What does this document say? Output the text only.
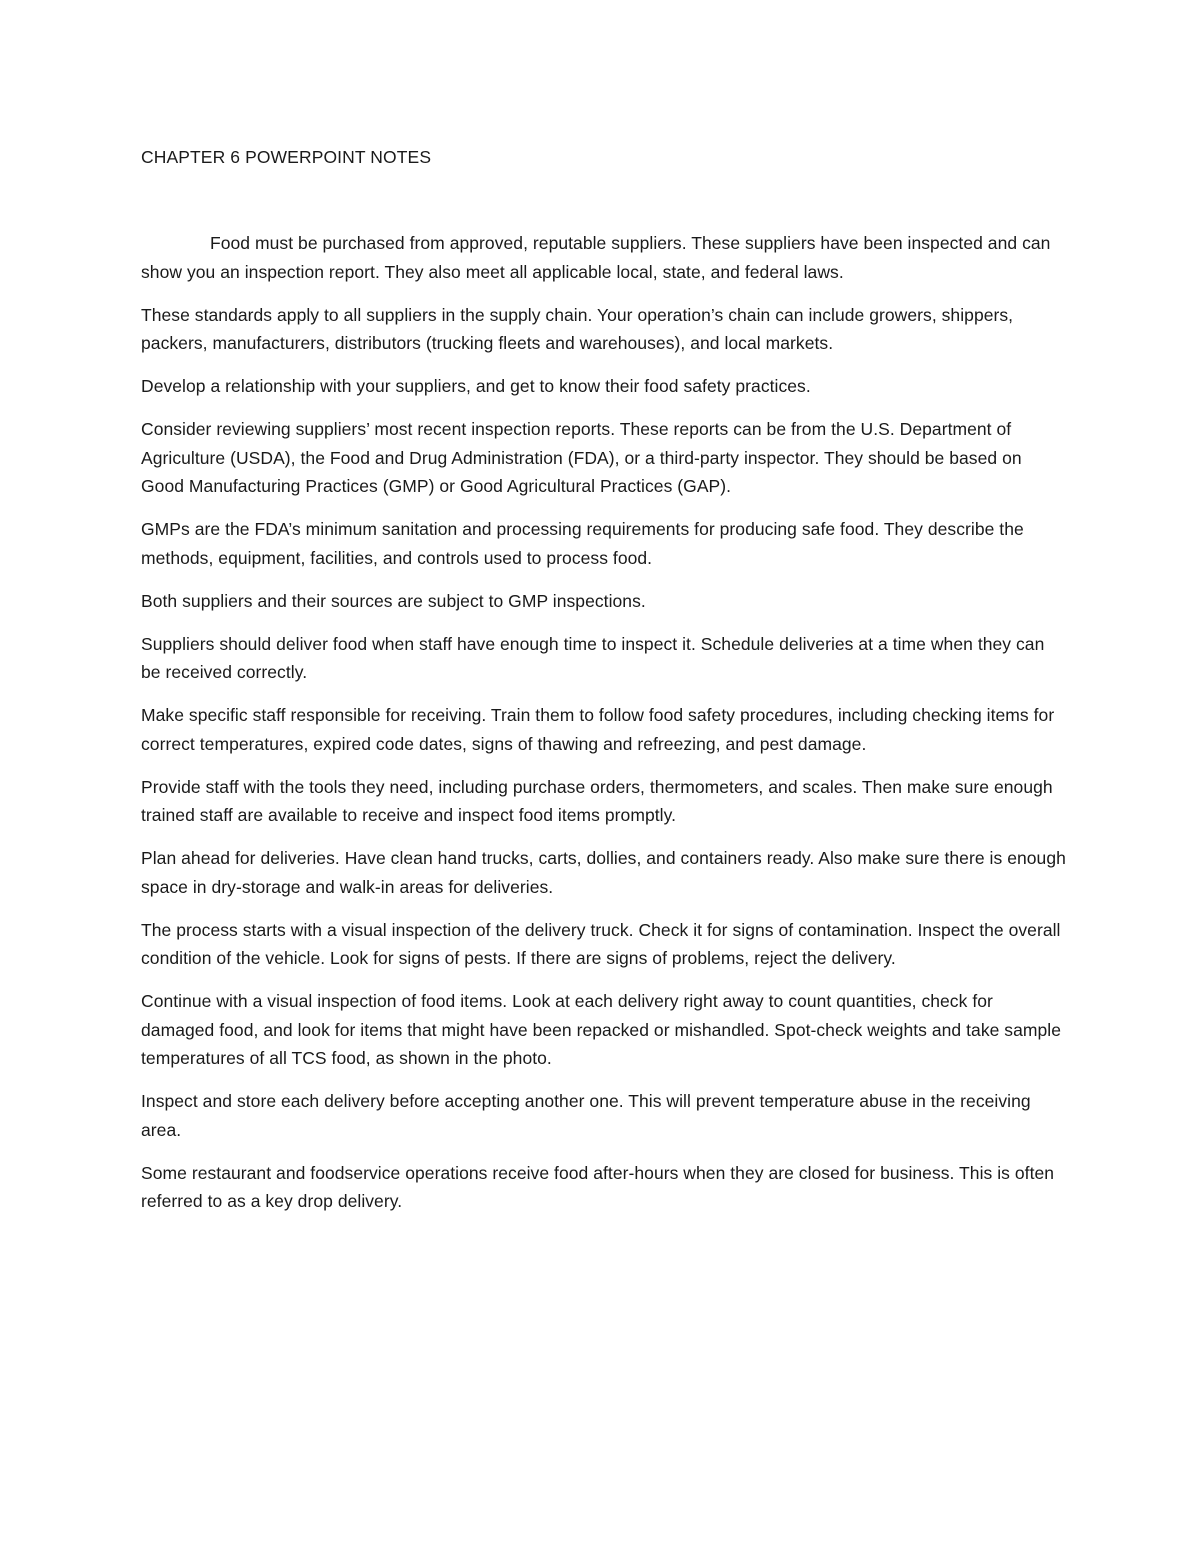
CHAPTER 6 POWERPOINT NOTES

Food must be purchased from approved, reputable suppliers. These suppliers have been inspected and can show you an inspection report. They also meet all applicable local, state, and federal laws.

These standards apply to all suppliers in the supply chain. Your operation’s chain can include growers, shippers, packers, manufacturers, distributors (trucking fleets and warehouses), and local markets.

Develop a relationship with your suppliers, and get to know their food safety practices.

Consider reviewing suppliers’ most recent inspection reports. These reports can be from the U.S. Department of Agriculture (USDA), the Food and Drug Administration (FDA), or a third-party inspector. They should be based on Good Manufacturing Practices (GMP) or Good Agricultural Practices (GAP).

GMPs are the FDA’s minimum sanitation and processing requirements for producing safe food. They describe the methods, equipment, facilities, and controls used to process food.

Both suppliers and their sources are subject to GMP inspections.

Suppliers should deliver food when staff have enough time to inspect it. Schedule deliveries at a time when they can be received correctly.

Make specific staff responsible for receiving. Train them to follow food safety procedures, including checking items for correct temperatures, expired code dates, signs of thawing and refreezing, and pest damage.

Provide staff with the tools they need, including purchase orders, thermometers, and scales. Then make sure enough trained staff are available to receive and inspect food items promptly.

Plan ahead for deliveries. Have clean hand trucks, carts, dollies, and containers ready. Also make sure there is enough space in dry-storage and walk-in areas for deliveries.

The process starts with a visual inspection of the delivery truck. Check it for signs of contamination. Inspect the overall condition of the vehicle. Look for signs of pests. If there are signs of problems, reject the delivery.

Continue with a visual inspection of food items. Look at each delivery right away to count quantities, check for damaged food, and look for items that might have been repacked or mishandled. Spot-check weights and take sample temperatures of all TCS food, as shown in the photo.

Inspect and store each delivery before accepting another one. This will prevent temperature abuse in the receiving area.

Some restaurant and foodservice operations receive food after-hours when they are closed for business. This is often referred to as a key drop delivery.
